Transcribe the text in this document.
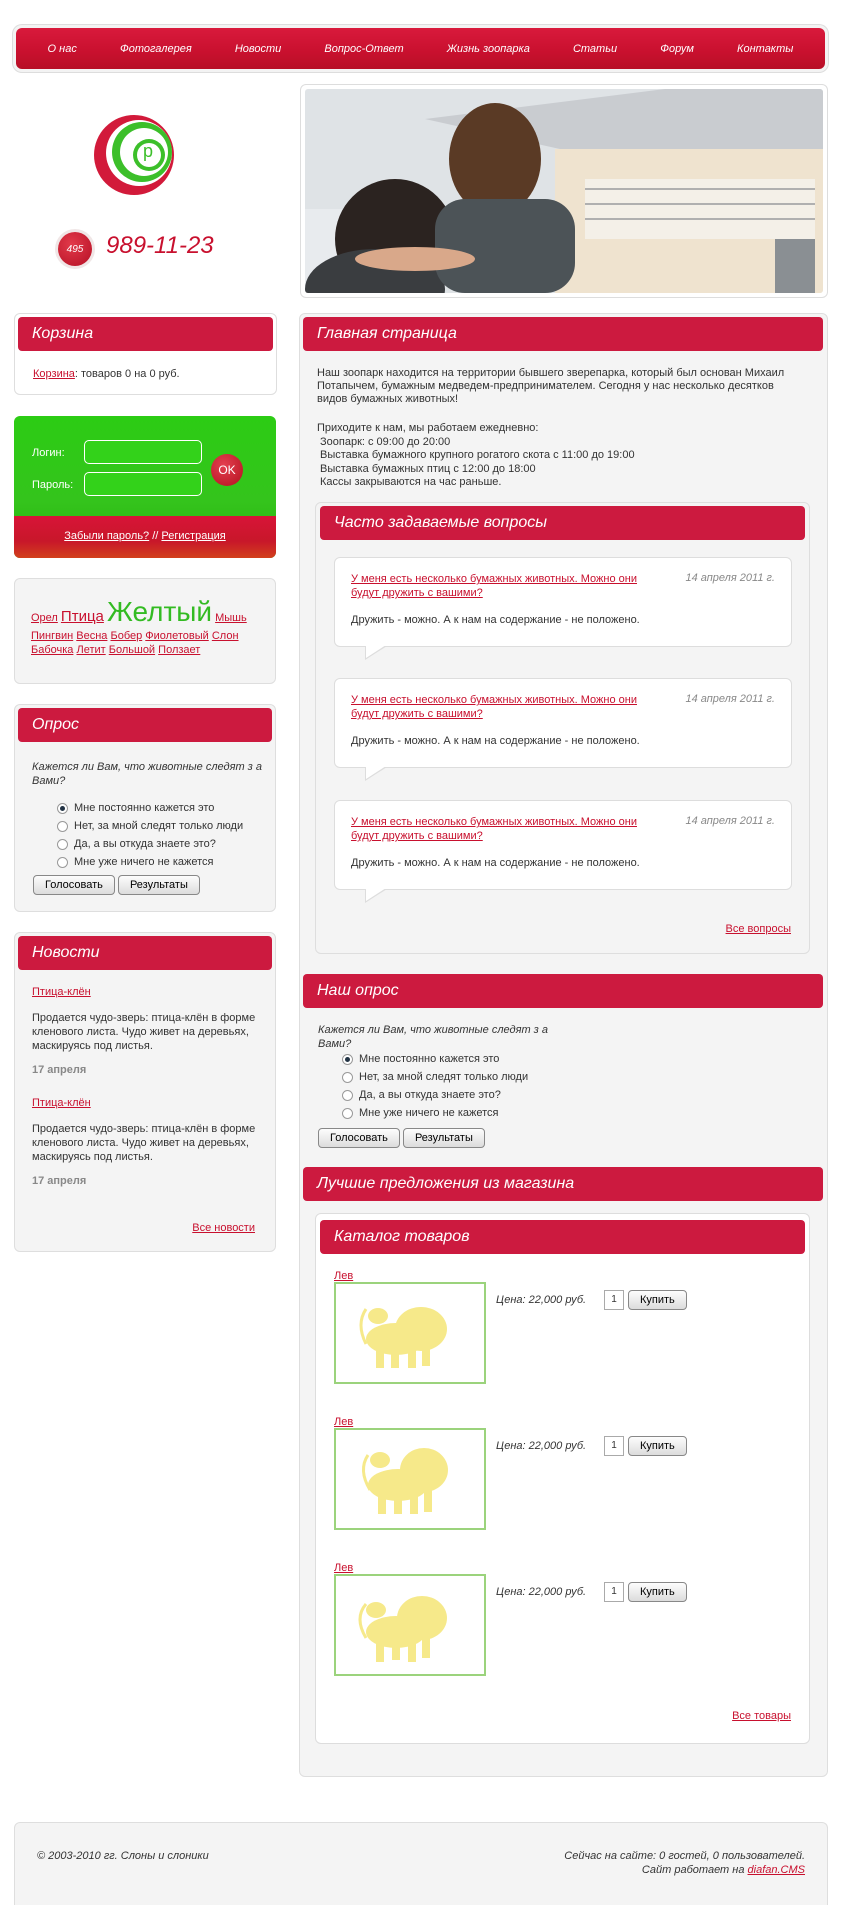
О нас	Фотогалерея	Новости	Вопрос-Ответ	Жизнь зоопарка	Статьи	Форум	Контакты
р
495 989-11-23
Корзина
Корзина: товаров 0 на 0 руб.
Логин:
Пароль:
OK
Забыли пароль? // Регистрация
Орел Птица Желтый Мышь
Пингвин Весна Бобер Фиолетовый Слон
Бабочка Летит Большой Ползает
Опрос
Кажется ли Вам, что животные следят з а Вами?
Мне постоянно кажется это
Нет, за мной следят только люди
Да, а вы откуда знаете это?
Мне уже ничего не кажется
Голосовать Результаты
Новости
Птица-клён
Продается чудо-зверь: птица-клён в форме кленового листа. Чудо живет на деревьях, маскируясь под листья.
17 апреля
Птица-клён
Продается чудо-зверь: птица-клён в форме кленового листа. Чудо живет на деревьях, маскируясь под листья.
17 апреля
Все новости
Главная страница
Наш зоопарк находится на территории бывшего зверепарка, который был основан Михаил Потапычем, бумажным медведем-предпринимателем. Сегодня у нас несколько десятков видов бумажных животных!
Приходите к нам, мы работаем ежедневно:
Зоопарк: с 09:00 до 20:00
Выставка бумажного крупного рогатого скота с 11:00 до 19:00
Выставка бумажных птиц с 12:00 до 18:00
Кассы закрываются на час раньше.
Часто задаваемые вопросы
У меня есть несколько бумажных животных. Можно они будут дружить с вашими?
14 апреля 2011 г.
Дружить - можно. А к нам на содержание - не положено.
У меня есть несколько бумажных животных. Можно они будут дружить с вашими?
14 апреля 2011 г.
Дружить - можно. А к нам на содержание - не положено.
У меня есть несколько бумажных животных. Можно они будут дружить с вашими?
14 апреля 2011 г.
Дружить - можно. А к нам на содержание - не положено.
Все вопросы
Наш опрос
Кажется ли Вам, что животные следят з а Вами?
Мне постоянно кажется это
Нет, за мной следят только люди
Да, а вы откуда знаете это?
Мне уже ничего не кажется
Голосовать Результаты
Лучшие предложения из магазина
Каталог товаров
Лев
Цена: 22,000 руб.	1	Купить
Лев
Цена: 22,000 руб.	1	Купить
Лев
Цена: 22,000 руб.	1	Купить
Все товары
© 2003-2010 гг. Слоны и слоники	Сейчас на сайте: 0 гостей, 0 пользователей.
Сайт работает на diafan.CMS
